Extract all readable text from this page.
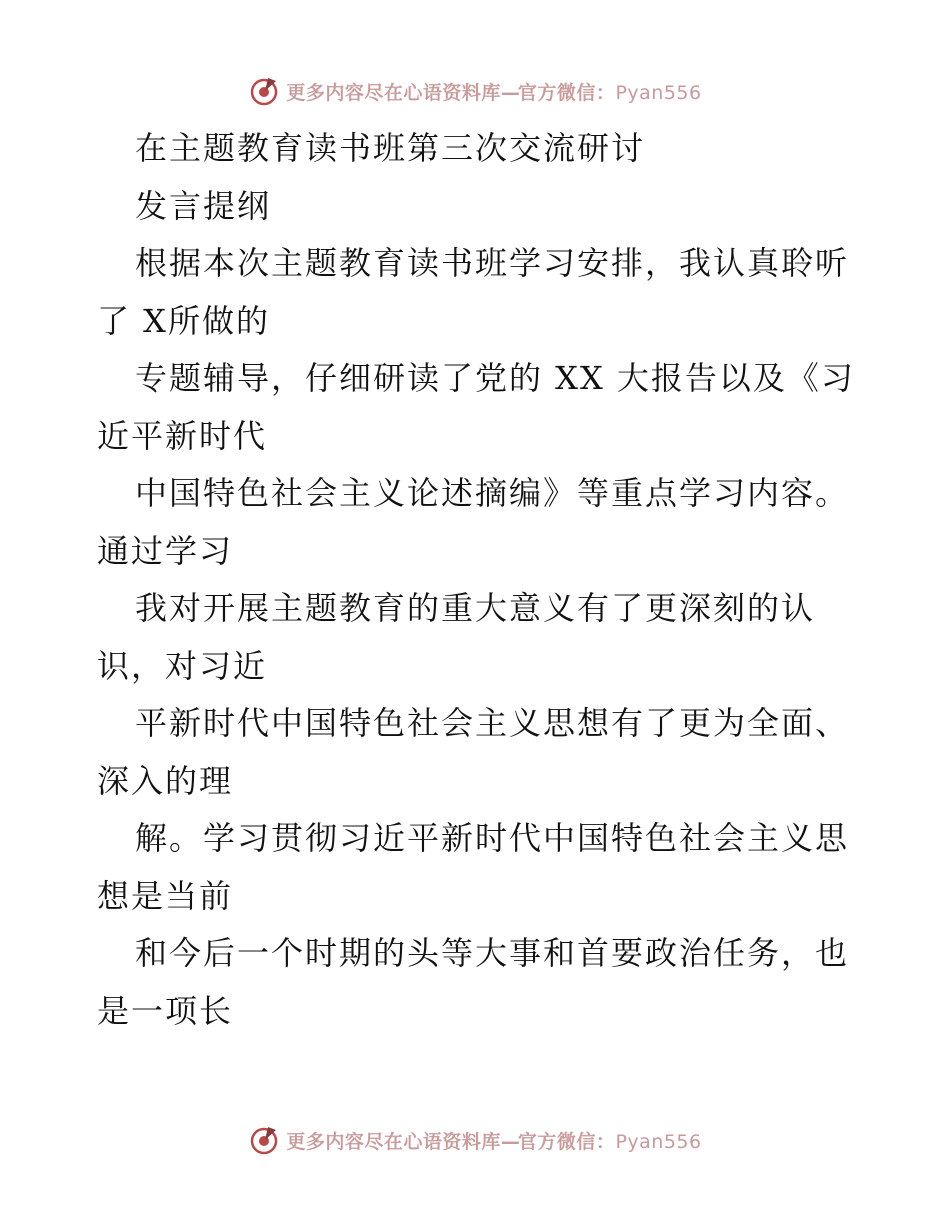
更多内容尽在心语资料库—官方微信：Pyan556
在主题教育读书班第三次交流研讨
发言提纲
根据本次主题教育读书班学习安排，我认真聆听
了 X所做的
专题辅导，仔细研读了党的 XX 大报告以及《习
近平新时代
中国特色社会主义论述摘编》等重点学习内容。
通过学习
我对开展主题教育的重大意义有了更深刻的认
识，对习近
平新时代中国特色社会主义思想有了更为全面、
深入的理
解。学习贯彻习近平新时代中国特色社会主义思
想是当前
和今后一个时期的头等大事和首要政治任务，也
是一项长
更多内容尽在心语资料库—官方微信：Pyan556
